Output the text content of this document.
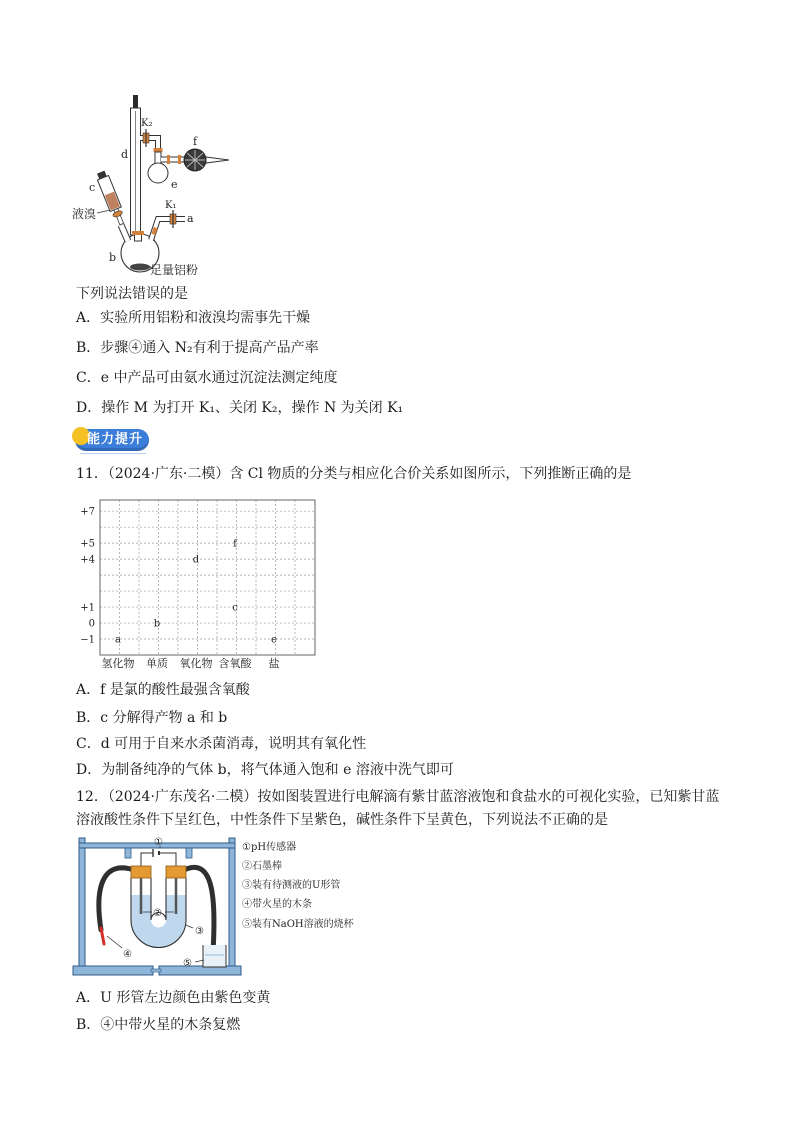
K₂
f
d
c	e
液溴
K₁
a
b
足量铝粉
下列说法错误的是
A．实验所用铝粉和液溴均需事先干燥
B．步骤④通入 N₂有利于提高产品产率
C．e 中产品可由氨水通过沉淀法测定纯度
D．操作 M 为打开 K₁、关闭 K₂，操作 N 为关闭 K₁
能力提升
11．（2024·广东·二模）含 Cl 物质的分类与相应化合价关系如图所示，下列推断正确的是
+7
+5
+4
+1
0
−1
氢化物 单质 氧化物 含氧酸 盐
a
b
d
f
c
e
A．f 是氯的酸性最强含氧酸
B．c 分解得产物 a 和 b
C．d 可用于自来水杀菌消毒，说明其有氧化性
D．为制备纯净的气体 b，将气体通入饱和 e 溶液中洗气即可
12．（2024·广东茂名·二模）按如图装置进行电解滴有紫甘蓝溶液饱和食盐水的可视化实验，已知紫甘蓝
溶液酸性条件下呈红色，中性条件下呈紫色，碱性条件下呈黄色，下列说法不正确的是
①
②
③
④
⑤
①pH传感器
②石墨棒
③装有待测液的U形管
④带火星的木条
⑤装有NaOH溶液的烧杯
A．U 形管左边颜色由紫色变黄
B．④中带火星的木条复燃
